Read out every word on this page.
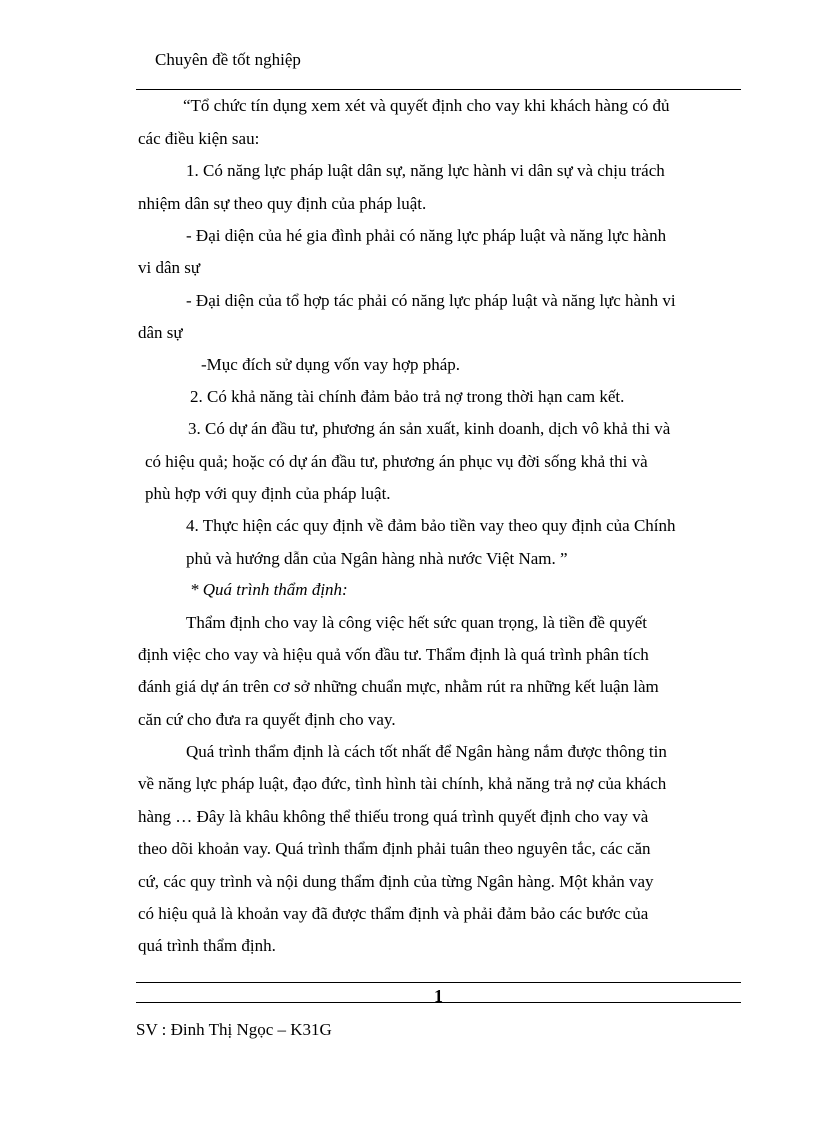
Chuyên đề tốt nghiệp
“Tổ chức tín dụng xem xét và quyết định cho vay khi khách hàng có đủ
các điều kiện sau:
1. Có năng lực pháp luật dân sự, năng lực hành vi dân sự và chịu trách
nhiệm dân sự theo quy định của pháp luật.
- Đại diện của hé gia đình phải có năng lực pháp luật và năng lực hành
vi dân sự
- Đại diện của tổ hợp tác phải có năng lực pháp luật và năng lực hành vi
dân sự
-Mục đích sử dụng vốn vay hợp pháp.
2. Có khả năng tài chính đảm bảo trả nợ trong thời hạn cam kết.
3. Có dự án đầu tư, phương án sản xuất, kinh doanh, dịch vô khả thi và
có hiệu quả; hoặc có dự án đầu tư, phương án phục vụ đời sống khả thi và
phù hợp với quy định của pháp luật.
4. Thực hiện các quy định về đảm bảo tiền vay theo quy định của Chính
phủ và hướng dẫn của Ngân hàng nhà nước Việt Nam. ”
* Quá trình thẩm định:
Thẩm định cho vay là công việc hết sức quan trọng, là tiền đề quyết
định việc cho vay và hiệu quả vốn đầu tư. Thẩm định là quá trình phân tích
đánh giá dự án trên cơ sở những chuẩn mực, nhằm rút ra những kết luận làm
căn cứ cho đưa ra quyết định cho vay.
Quá trình thẩm định là cách tốt nhất để Ngân hàng nắm được thông tin
về năng lực pháp luật, đạo đức, tình hình tài chính, khả năng trả nợ của khách
hàng … Đây là khâu không thể thiếu trong quá trình quyết định cho vay và
theo dõi khoản vay. Quá trình thẩm định phải tuân theo nguyên tắc, các căn
cứ, các quy trình và nội dung thẩm định của từng Ngân hàng. Một khản vay
có hiệu quả là khoản vay đã được thẩm định và phải đảm bảo các bước của
quá trình thẩm định.
1
SV : Đinh Thị Ngọc – K31G
